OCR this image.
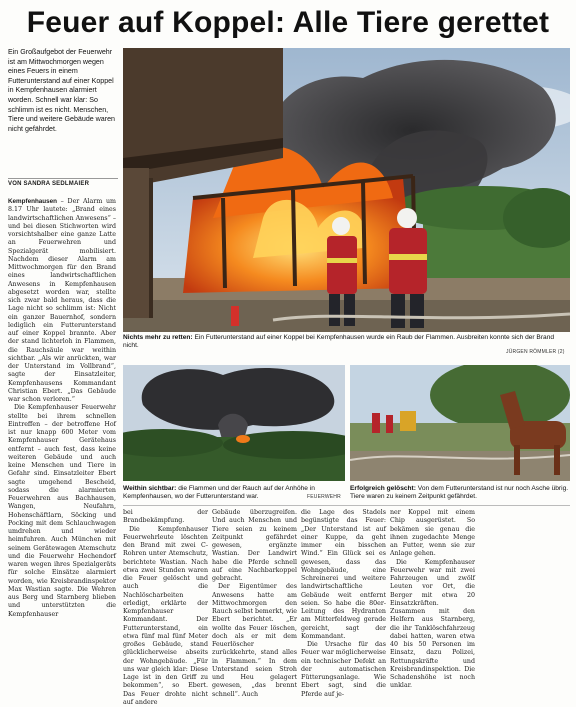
Feuer auf Koppel: Alle Tiere gerettet
Ein Großaufgebot der Feuerwehr ist am Mittwochmorgen wegen eines Feuers in einem Futterunterstand auf einer Koppel in Kempfenhausen alarmiert worden. Schnell war klar: So schlimm ist es nicht. Menschen, Tiere und weitere Gebäude waren nicht gefährdet.
VON SANDRA SEDLMAIER
Nichts mehr zu retten: Ein Futterunterstand auf einer Koppel bei Kempfenhausen wurde ein Raub der Flammen. Ausbreiten konnte sich der Brand nicht.
JÜRGEN RÖMMLER (2)

Kempfenhausen – Der Alarm um 8.17 Uhr lautete: „Brand eines landwirtschaftlichen Anwesens“ – und bei diesen Stichworten wird vorsichtshalber eine ganze Latte an Feuerwehren und Spezialgerät mobilisiert. Nachdem dieser Alarm am Mittwochmorgen für den Brand eines landwirtschaftlichen Anwesens in Kempfenhausen abgesetzt worden war, stellte sich zwar bald heraus, dass die Lage nicht so schlimm ist: Nicht ein ganzer Bauernhof, sondern lediglich ein Futterunterstand auf einer Koppel brannte. Aber der stand lichterloh in Flammen, die Rauchsäule war weithin sichtbar. „Als wir anrückten, war der Unterstand im Vollbrand“, sagte der Einsatzleiter, Kempfenhausens Kommandant Christian Ebert. „Das Gebäude war schon verloren.“

Die Kempfenhauser Feuerwehr stellte bei ihrem schnellen Eintreffen – der betroffene Hof ist nur knapp 600 Meter vom Kempfenhauser Gerätehaus entfernt – auch fest, dass keine weiteren Gebäude und auch keine Menschen und Tiere in Gefahr sind. Einsatzleiter Ebert sagte umgehend Bescheid, sodass die alarmierten Feuerwehren aus Bachhausen, Wangen, Neufahrn, Hohenschäftlarn, Söcking und Pocking mit dem Schlauchwagen umdrehen und wieder heimfuhren. Auch München mit seinem Gerätewagen Atemschutz und die Feuerwehr Hechendorf waren wegen ihres Spezialgeräts für solche Einsätze alarmiert worden, wie Kreisbrandinspektor Max Wastian sagte. Die Wehren aus Berg und Starnberg blieben und unterstützten die Kempfenhauser

Weithin sichtbar: die Flammen und der Rauch auf der Anhöhe in Kempfenhausen, wo der Futterunterstand war.	FEUERWEHR
Erfolgreich gelöscht: Von dem Futterunterstand ist nur noch Asche übrig. Tiere waren zu keinem Zeitpunkt gefährdet.

bei der Brandbekämpfung.

Die Kempfenhauser Feuerwehrleute löschten den Brand mit zwei C-Rohren unter Atemschutz, berichtete Wastian. Nach etwa zwei Stunden waren die Feuer gelöscht und auch die Nachlöscharbeiten erledigt, erklärte der Kempfenhauser Kommandant. Der Futterunterstand, ein etwa fünf mal fünf Meter großes Gebäude, stand glücklicherweise abseits der Wohngebäude. „Für uns war gleich klar: Diese Lage ist in den Griff zu bekommen“, so Ebert. Das Feuer drohte nicht auf andere

Gebäude überzugreifen. Und auch Menschen und Tiere seien zu keinem Zeitpunkt gefährdet gewesen, ergänzte Wastian. Der Landwirt habe die Pferde schnell auf eine Nachbarkoppel gebracht.

Der Eigentümer des Anwesens hatte am Mittwochmorgen den Rauch selbst bemerkt, wie Ebert berichtet. „Er wollte das Feuer löschen, doch als er mit dem Feuerlöscher zurückkehrte, stand alles in Flammen.“ In dem Unterstand seien Stroh und Heu gelagert gewesen, „das brennt schnell“. Auch

die Lage des Stadels begünstigte das Feuer: „Der Unterstand ist auf einer Kuppe, da geht immer ein bisschen Wind.“ Ein Glück sei es gewesen, dass das Wohngebäude, eine Schreinerei und weitere landwirtschaftliche Gebäude weit entfernt seien. So habe die 80er-Leitung des Hydranten am Mitterfeldweg gerade gereicht, sagt der Kommandant.

Die Ursache für das Feuer war möglicherweise ein technischer Defekt an der automatischen Fütterungsanlage. Wie Ebert sagt, sind die Pferde auf je-

ner Koppel mit einem Chip ausgerüstet. So bekämen sie genau die ihnen zugedachte Menge an Futter, wenn sie zur Anlage gehen.

Die Kempfenhauser Feuerwehr war mit zwei Fahrzeugen und zwölf Leuten vor Ort, die Berger mit etwa 20 Einsatzkräften. Zusammen mit den Helfern aus Starnberg, die ihr Tanklöschfahrzeug dabei hatten, waren etwa 40 bis 50 Personen im Einsatz, dazu Polizei, Rettungskräfte und Kreisbrandinspektion. Die Schadenshöhe ist noch unklar.
